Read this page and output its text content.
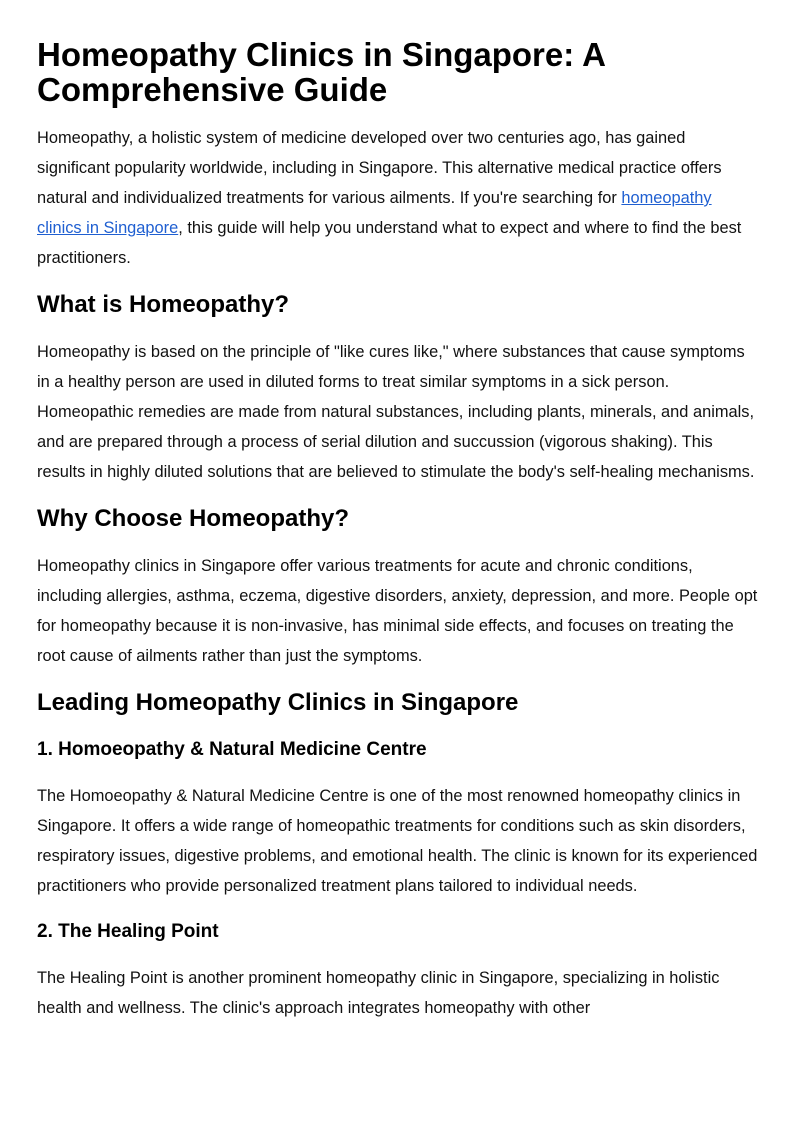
Homeopathy Clinics in Singapore: A Comprehensive Guide

Homeopathy, a holistic system of medicine developed over two centuries ago, has gained significant popularity worldwide, including in Singapore. This alternative medical practice offers natural and individualized treatments for various ailments. If you're searching for homeopathy clinics in Singapore, this guide will help you understand what to expect and where to find the best practitioners.

What is Homeopathy?

Homeopathy is based on the principle of "like cures like," where substances that cause symptoms in a healthy person are used in diluted forms to treat similar symptoms in a sick person. Homeopathic remedies are made from natural substances, including plants, minerals, and animals, and are prepared through a process of serial dilution and succussion (vigorous shaking). This results in highly diluted solutions that are believed to stimulate the body's self-healing mechanisms.

Why Choose Homeopathy?

Homeopathy clinics in Singapore offer various treatments for acute and chronic conditions, including allergies, asthma, eczema, digestive disorders, anxiety, depression, and more. People opt for homeopathy because it is non-invasive, has minimal side effects, and focuses on treating the root cause of ailments rather than just the symptoms.

Leading Homeopathy Clinics in Singapore
1. Homoeopathy & Natural Medicine Centre

The Homoeopathy & Natural Medicine Centre is one of the most renowned homeopathy clinics in Singapore. It offers a wide range of homeopathic treatments for conditions such as skin disorders, respiratory issues, digestive problems, and emotional health. The clinic is known for its experienced practitioners who provide personalized treatment plans tailored to individual needs.

2. The Healing Point

The Healing Point is another prominent homeopathy clinic in Singapore, specializing in holistic health and wellness. The clinic's approach integrates homeopathy with other
